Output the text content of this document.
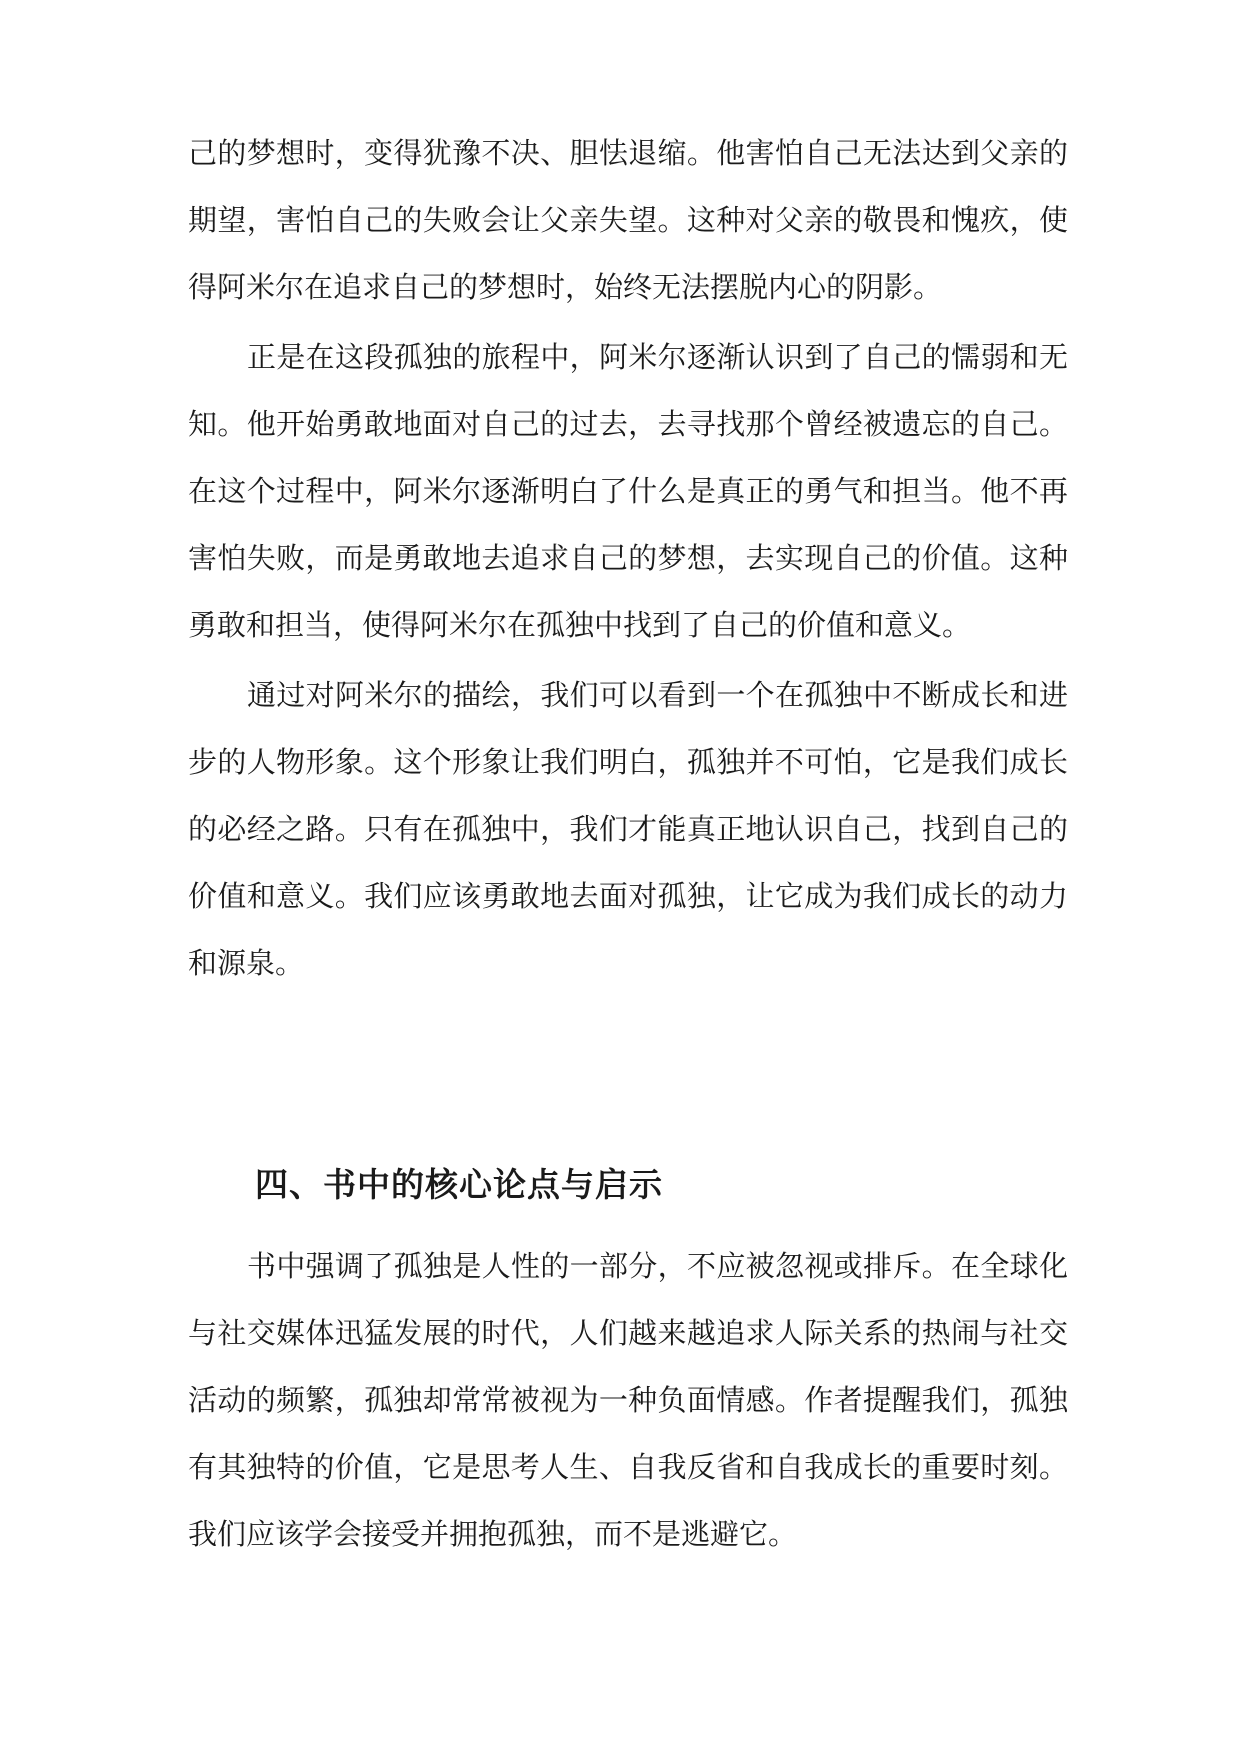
己的梦想时，变得犹豫不决、胆怯退缩。他害怕自己无法达到父亲的
期望，害怕自己的失败会让父亲失望。这种对父亲的敬畏和愧疚，使
得阿米尔在追求自己的梦想时，始终无法摆脱内心的阴影。
正是在这段孤独的旅程中，阿米尔逐渐认识到了自己的懦弱和无
知。他开始勇敢地面对自己的过去，去寻找那个曾经被遗忘的自己。
在这个过程中，阿米尔逐渐明白了什么是真正的勇气和担当。他不再
害怕失败，而是勇敢地去追求自己的梦想，去实现自己的价值。这种
勇敢和担当，使得阿米尔在孤独中找到了自己的价值和意义。
通过对阿米尔的描绘，我们可以看到一个在孤独中不断成长和进
步的人物形象。这个形象让我们明白，孤独并不可怕，它是我们成长
的必经之路。只有在孤独中，我们才能真正地认识自己，找到自己的
价值和意义。我们应该勇敢地去面对孤独，让它成为我们成长的动力
和源泉。
四、书中的核心论点与启示
书中强调了孤独是人性的一部分，不应被忽视或排斥。在全球化
与社交媒体迅猛发展的时代，人们越来越追求人际关系的热闹与社交
活动的频繁，孤独却常常被视为一种负面情感。作者提醒我们，孤独
有其独特的价值，它是思考人生、自我反省和自我成长的重要时刻。
我们应该学会接受并拥抱孤独，而不是逃避它。
